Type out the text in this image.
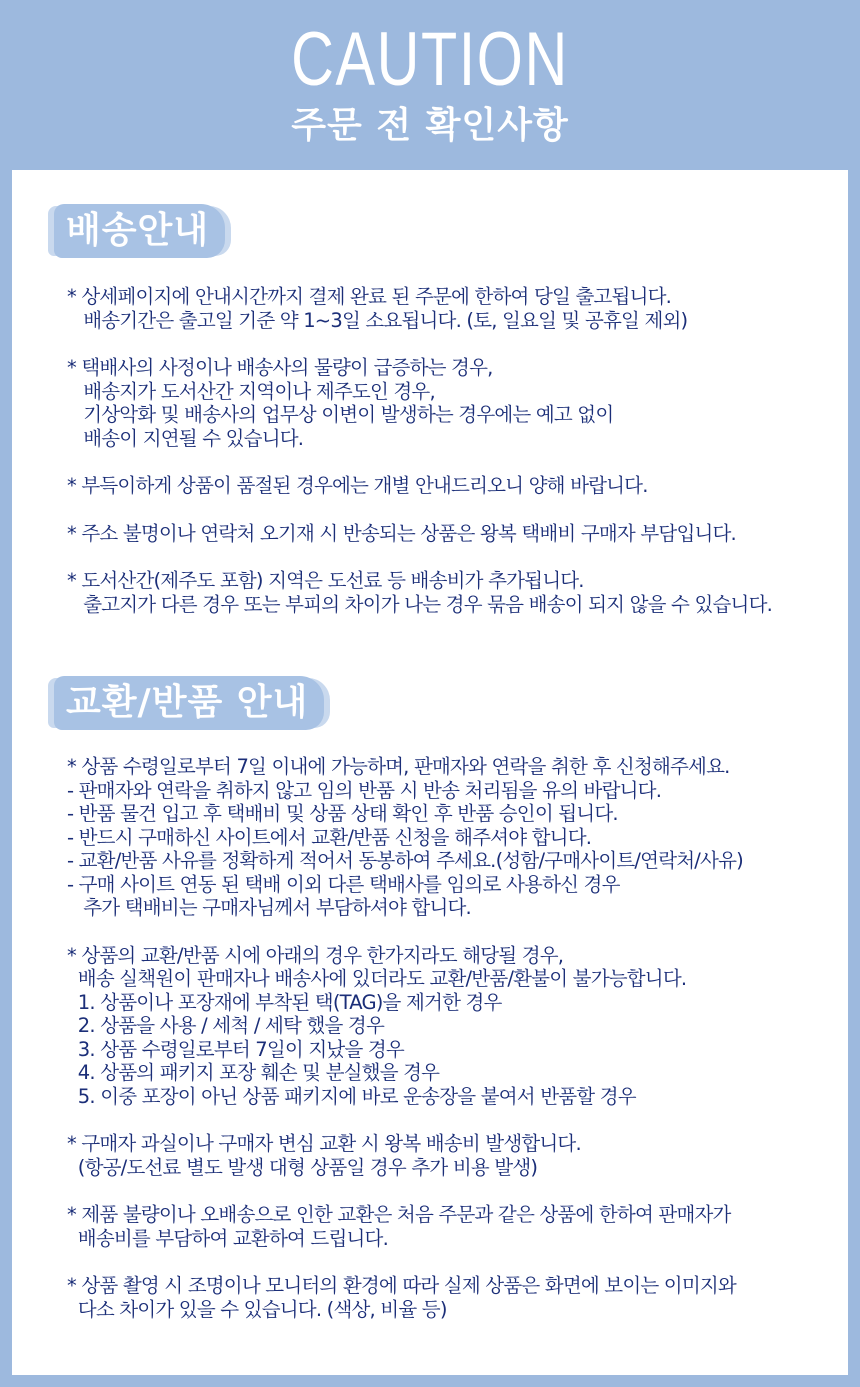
CAUTION
주문 전 확인사항
배송안내
* 상세페이지에 안내시간까지 결제 완료 된 주문에 한하여 당일 출고됩니다.
배송기간은 출고일 기준 약 1~3일 소요됩니다. (토, 일요일 및 공휴일 제외)
* 택배사의 사정이나 배송사의 물량이 급증하는 경우,
배송지가 도서산간 지역이나 제주도인 경우,
기상악화 및 배송사의 업무상 이변이 발생하는 경우에는 예고 없이
배송이 지연될 수 있습니다.
* 부득이하게 상품이 품절된 경우에는 개별 안내드리오니 양해 바랍니다.
* 주소 불명이나 연락처 오기재 시 반송되는 상품은 왕복 택배비 구매자 부담입니다.
* 도서산간(제주도 포함) 지역은 도선료 등 배송비가 추가됩니다.
출고지가 다른 경우 또는 부피의 차이가 나는 경우 묶음 배송이 되지 않을 수 있습니다.
교환/반품 안내
* 상품 수령일로부터 7일 이내에 가능하며, 판매자와 연락을 취한 후 신청해주세요.
- 판매자와 연락을 취하지 않고 임의 반품 시 반송 처리됨을 유의 바랍니다.
- 반품 물건 입고 후 택배비 및 상품 상태 확인 후 반품 승인이 됩니다.
- 반드시 구매하신 사이트에서 교환/반품 신청을 해주셔야 합니다.
- 교환/반품 사유를 정확하게 적어서 동봉하여 주세요.(성함/구매사이트/연락처/사유)
- 구매 사이트 연동 된 택배 이외 다른 택배사를 임의로 사용하신 경우
추가 택배비는 구매자님께서 부담하셔야 합니다.
* 상품의 교환/반품 시에 아래의 경우 한가지라도 해당될 경우,
배송 실책원이 판매자나 배송사에 있더라도 교환/반품/환불이 불가능합니다.
1. 상품이나 포장재에 부착된 택(TAG)을 제거한 경우
2. 상품을 사용 / 세척 / 세탁 했을 경우
3. 상품 수령일로부터 7일이 지났을 경우
4. 상품의 패키지 포장 훼손 및 분실했을 경우
5. 이중 포장이 아닌 상품 패키지에 바로 운송장을 붙여서 반품할 경우
* 구매자 과실이나 구매자 변심 교환 시 왕복 배송비 발생합니다.
(항공/도선료 별도 발생 대형 상품일 경우 추가 비용 발생)
* 제품 불량이나 오배송으로 인한 교환은 처음 주문과 같은 상품에 한하여 판매자가
배송비를 부담하여 교환하여 드립니다.
* 상품 촬영 시 조명이나 모니터의 환경에 따라 실제 상품은 화면에 보이는 이미지와
다소 차이가 있을 수 있습니다. (색상, 비율 등)
